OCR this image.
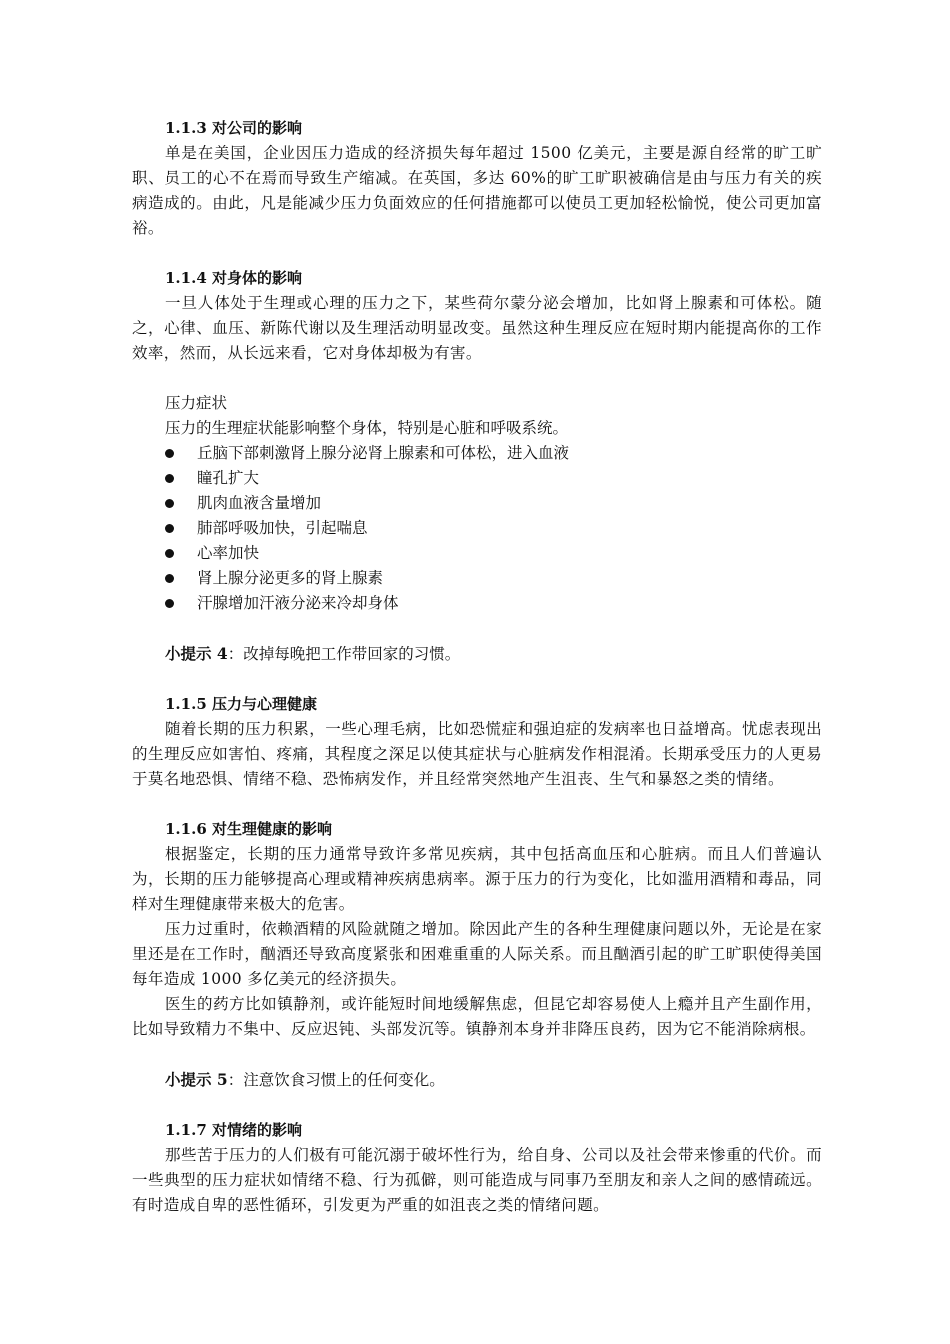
1.1.3 对公司的影响

单是在美国，企业因压力造成的经济损失每年超过 1500 亿美元，主要是源自经常的旷工旷职、员工的心不在焉而导致生产缩减。在英国，多达 60%的旷工旷职被确信是由与压力有关的疾病造成的。由此，凡是能减少压力负面效应的任何措施都可以使员工更加轻松愉悦，使公司更加富裕。

1.1.4 对身体的影响

一旦人体处于生理或心理的压力之下，某些荷尔蒙分泌会增加，比如肾上腺素和可体松。随之，心律、血压、新陈代谢以及生理活动明显改变。虽然这种生理反应在短时期内能提高你的工作效率，然而，从长远来看，它对身体却极为有害。

压力症状

压力的生理症状能影响整个身体，特别是心脏和呼吸系统。

丘脑下部刺激肾上腺分泌肾上腺素和可体松，进入血液
瞳孔扩大
肌肉血液含量增加
肺部呼吸加快，引起喘息
心率加快
肾上腺分泌更多的肾上腺素
汗腺增加汗液分泌来冷却身体

小提示 4：改掉每晚把工作带回家的习惯。

1.1.5 压力与心理健康

随着长期的压力积累，一些心理毛病，比如恐慌症和强迫症的发病率也日益增高。忧虑表现出的生理反应如害怕、疼痛，其程度之深足以使其症状与心脏病发作相混淆。长期承受压力的人更易于莫名地恐惧、情绪不稳、恐怖病发作，并且经常突然地产生沮丧、生气和暴怒之类的情绪。

1.1.6 对生理健康的影响

根据鉴定，长期的压力通常导致许多常见疾病，其中包括高血压和心脏病。而且人们普遍认为，长期的压力能够提高心理或精神疾病患病率。源于压力的行为变化，比如滥用酒精和毒品，同样对生理健康带来极大的危害。

压力过重时，依赖酒精的风险就随之增加。除因此产生的各种生理健康问题以外，无论是在家里还是在工作时，酗酒还导致高度紧张和困难重重的人际关系。而且酗酒引起的旷工旷职使得美国每年造成 1000 多亿美元的经济损失。

医生的药方比如镇静剂，或许能短时间地缓解焦虑，但昆它却容易使人上瘾并且产生副作用，比如导致精力不集中、反应迟钝、头部发沉等。镇静剂本身并非降压良药，因为它不能消除病根。

小提示 5：注意饮食习惯上的任何变化。

1.1.7 对情绪的影响

那些苦于压力的人们极有可能沉溺于破坏性行为，给自身、公司以及社会带来惨重的代价。而一些典型的压力症状如情绪不稳、行为孤僻，则可能造成与同事乃至朋友和亲人之间的感情疏远。有时造成自卑的恶性循环，引发更为严重的如沮丧之类的情绪问题。
